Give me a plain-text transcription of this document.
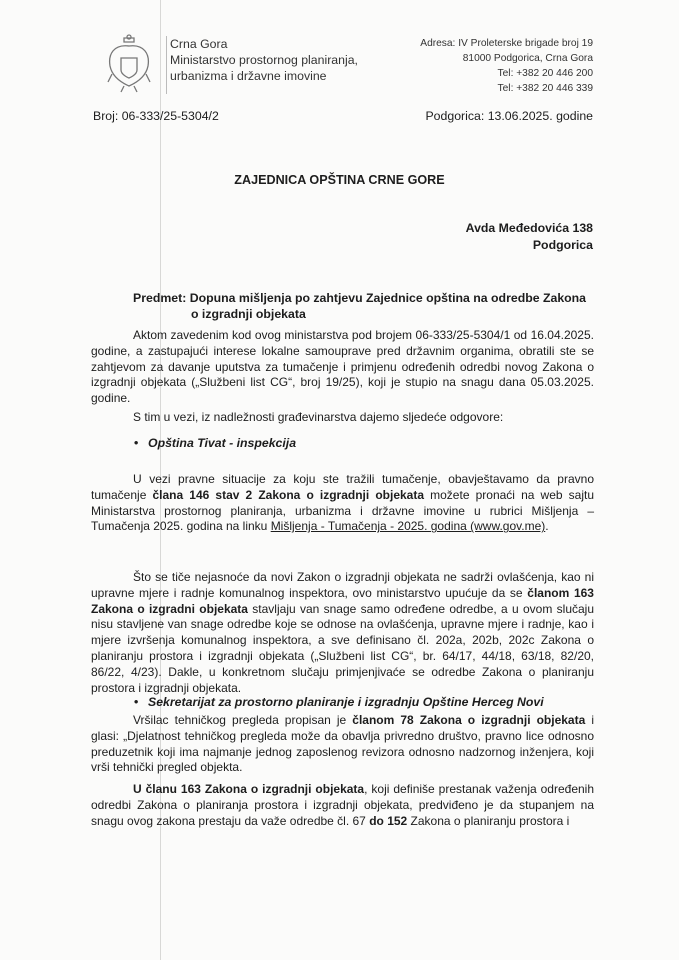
Crna Gora
Ministarstvo prostornog planiranja,
urbanizma i državne imovine
Adresa: IV Proleterske brigade broj 19
81000 Podgorica, Crna Gora
Tel: +382 20 446 200
Tel: +382 20 446 339
Broj: 06-333/25-5304/2	Podgorica: 13.06.2025. godine
ZAJEDNICA OPŠTINA CRNE GORE
Avda Međedovića 138
Podgorica
Predmet: Dopuna mišljenja po zahtjevu Zajednice opština na odredbe Zakona
o izgradnji objekata
Aktom zavedenim kod ovog ministarstva pod brojem 06-333/25-5304/1 od 16.04.2025. godine, a zastupajući interese lokalne samouprave pred državnim organima, obratili ste se zahtjevom za davanje uputstva za tumačenje i primjenu određenih odredbi novog Zakona o izgradnji objekata („Službeni list CG“, broj 19/25), koji je stupio na snagu dana 05.03.2025. godine.
S tim u vezi, iz nadležnosti građevinarstva dajemo sljedeće odgovore:
• Opština Tivat - inspekcija
U vezi pravne situacije za koju ste tražili tumačenje, obavještavamo da pravno tumačenje člana 146 stav 2 Zakona o izgradnji objekata možete pronaći na web sajtu Ministarstva prostornog planiranja, urbanizma i državne imovine u rubrici Mišljenja – Tumačenja 2025. godina na linku Mišljenja - Tumačenja - 2025. godina (www.gov.me).
Što se tiče nejasnoće da novi Zakon o izgradnji objekata ne sadrži ovlašćenja, kao ni upravne mjere i radnje komunalnog inspektora, ovo ministarstvo upućuje da se članom 163 Zakona o izgradni objekata stavljaju van snage samo određene odredbe, a u ovom slučaju nisu stavljene van snage odredbe koje se odnose na ovlašćenja, upravne mjere i radnje, kao i mjere izvršenja komunalnog inspektora, a sve definisano čl. 202a, 202b, 202c Zakona o planiranju prostora i izgradnji objekata („Službeni list CG“, br. 64/17, 44/18, 63/18, 82/20, 86/22, 4/23). Dakle, u konkretnom slučaju primjenjivaće se odredbe Zakona o planiranju prostora i izgradnji objekata.
• Sekretarijat za prostorno planiranje i izgradnju Opštine Herceg Novi
Vršilac tehničkog pregleda propisan je članom 78 Zakona o izgradnji objekata i glasi: „Djelatnost tehničkog pregleda može da obavlja privredno društvo, pravno lice odnosno preduzetnik koji ima najmanje jednog zaposlenog revizora odnosno nadzornog inženjera, koji vrši tehnički pregled objekta.
U članu 163 Zakona o izgradnji objekata, koji definiše prestanak važenja određenih odredbi Zakona o planiranja prostora i izgradnji objekata, predviđeno je da stupanjem na snagu ovog zakona prestaju da važe odredbe čl. 67 do 152 Zakona o planiranju prostora i
